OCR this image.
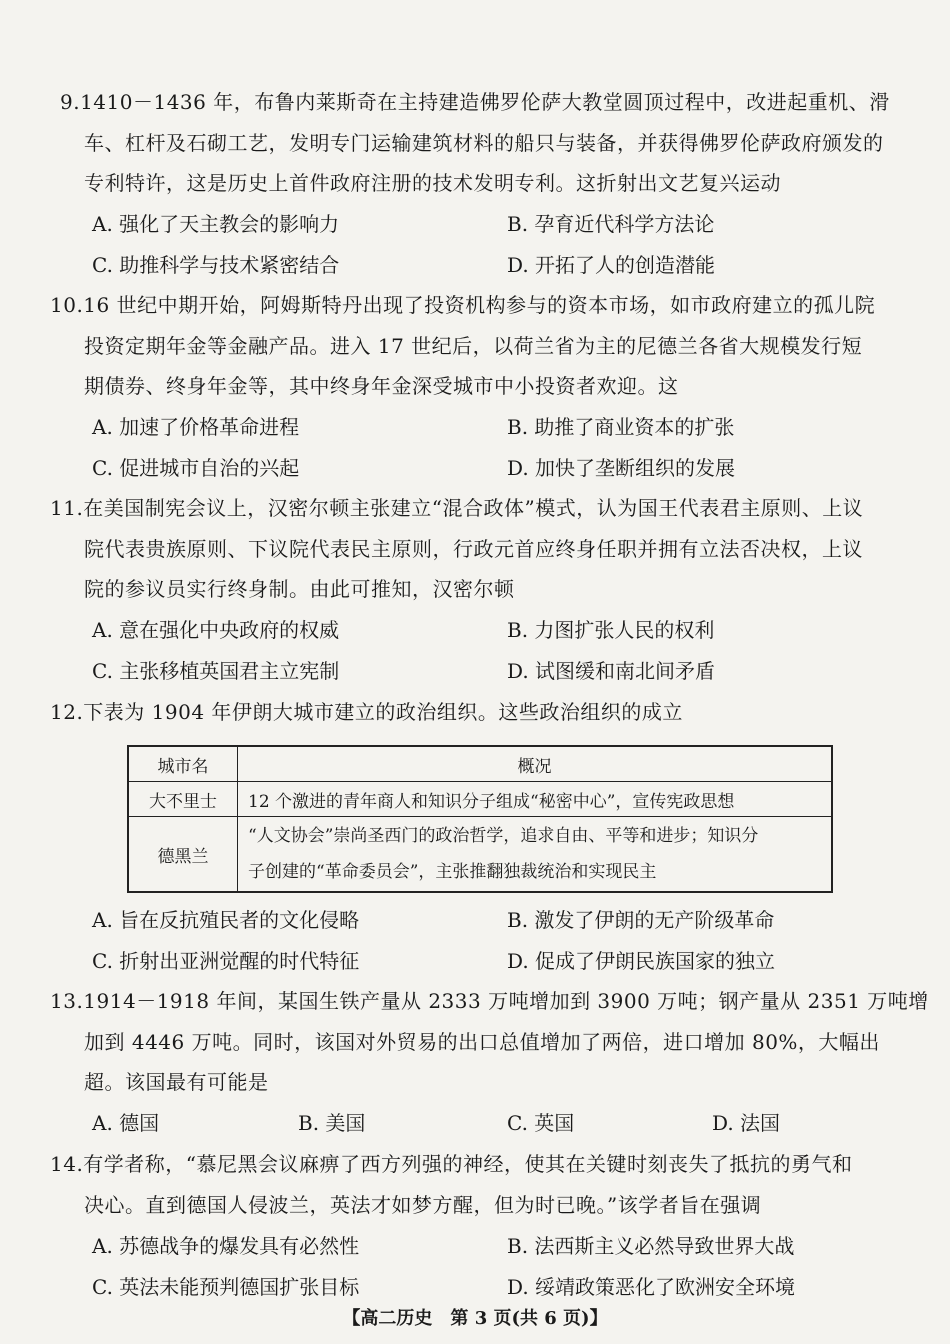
9.1410－1436 年，布鲁内莱斯奇在主持建造佛罗伦萨大教堂圆顶过程中，改进起重机、滑
车、杠杆及石砌工艺，发明专门运输建筑材料的船只与装备，并获得佛罗伦萨政府颁发的
专利特许，这是历史上首件政府注册的技术发明专利。这折射出文艺复兴运动
A. 强化了天主教会的影响力	B. 孕育近代科学方法论
C. 助推科学与技术紧密结合	D. 开拓了人的创造潜能
10.16 世纪中期开始，阿姆斯特丹出现了投资机构参与的资本市场，如市政府建立的孤儿院
投资定期年金等金融产品。进入 17 世纪后，以荷兰省为主的尼德兰各省大规模发行短
期债券、终身年金等，其中终身年金深受城市中小投资者欢迎。这
A. 加速了价格革命进程	B. 助推了商业资本的扩张
C. 促进城市自治的兴起	D. 加快了垄断组织的发展
11.在美国制宪会议上，汉密尔顿主张建立“混合政体”模式，认为国王代表君主原则、上议
院代表贵族原则、下议院代表民主原则，行政元首应终身任职并拥有立法否决权，上议
院的参议员实行终身制。由此可推知，汉密尔顿
A. 意在强化中央政府的权威	B. 力图扩张人民的权利
C. 主张移植英国君主立宪制	D. 试图缓和南北间矛盾
12.下表为 1904 年伊朗大城市建立的政治组织。这些政治组织的成立
城市名	概况
大不里士	12 个激进的青年商人和知识分子组成“秘密中心”，宣传宪政思想
德黑兰	“人文协会”崇尚圣西门的政治哲学，追求自由、平等和进步；知识分
子创建的“革命委员会”，主张推翻独裁统治和实现民主
A. 旨在反抗殖民者的文化侵略	B. 激发了伊朗的无产阶级革命
C. 折射出亚洲觉醒的时代特征	D. 促成了伊朗民族国家的独立
13.1914－1918 年间，某国生铁产量从 2333 万吨增加到 3900 万吨；钢产量从 2351 万吨增
加到 4446 万吨。同时，该国对外贸易的出口总值增加了两倍，进口增加 80%，大幅出
超。该国最有可能是
A. 德国	B. 美国	C. 英国	D. 法国
14.有学者称，“慕尼黑会议麻痹了西方列强的神经，使其在关键时刻丧失了抵抗的勇气和
决心。直到德国人侵波兰，英法才如梦方醒，但为时已晚。”该学者旨在强调
A. 苏德战争的爆发具有必然性	B. 法西斯主义必然导致世界大战
C. 英法未能预判德国扩张目标	D. 绥靖政策恶化了欧洲安全环境
【高二历史　第 3 页(共 6 页)】
